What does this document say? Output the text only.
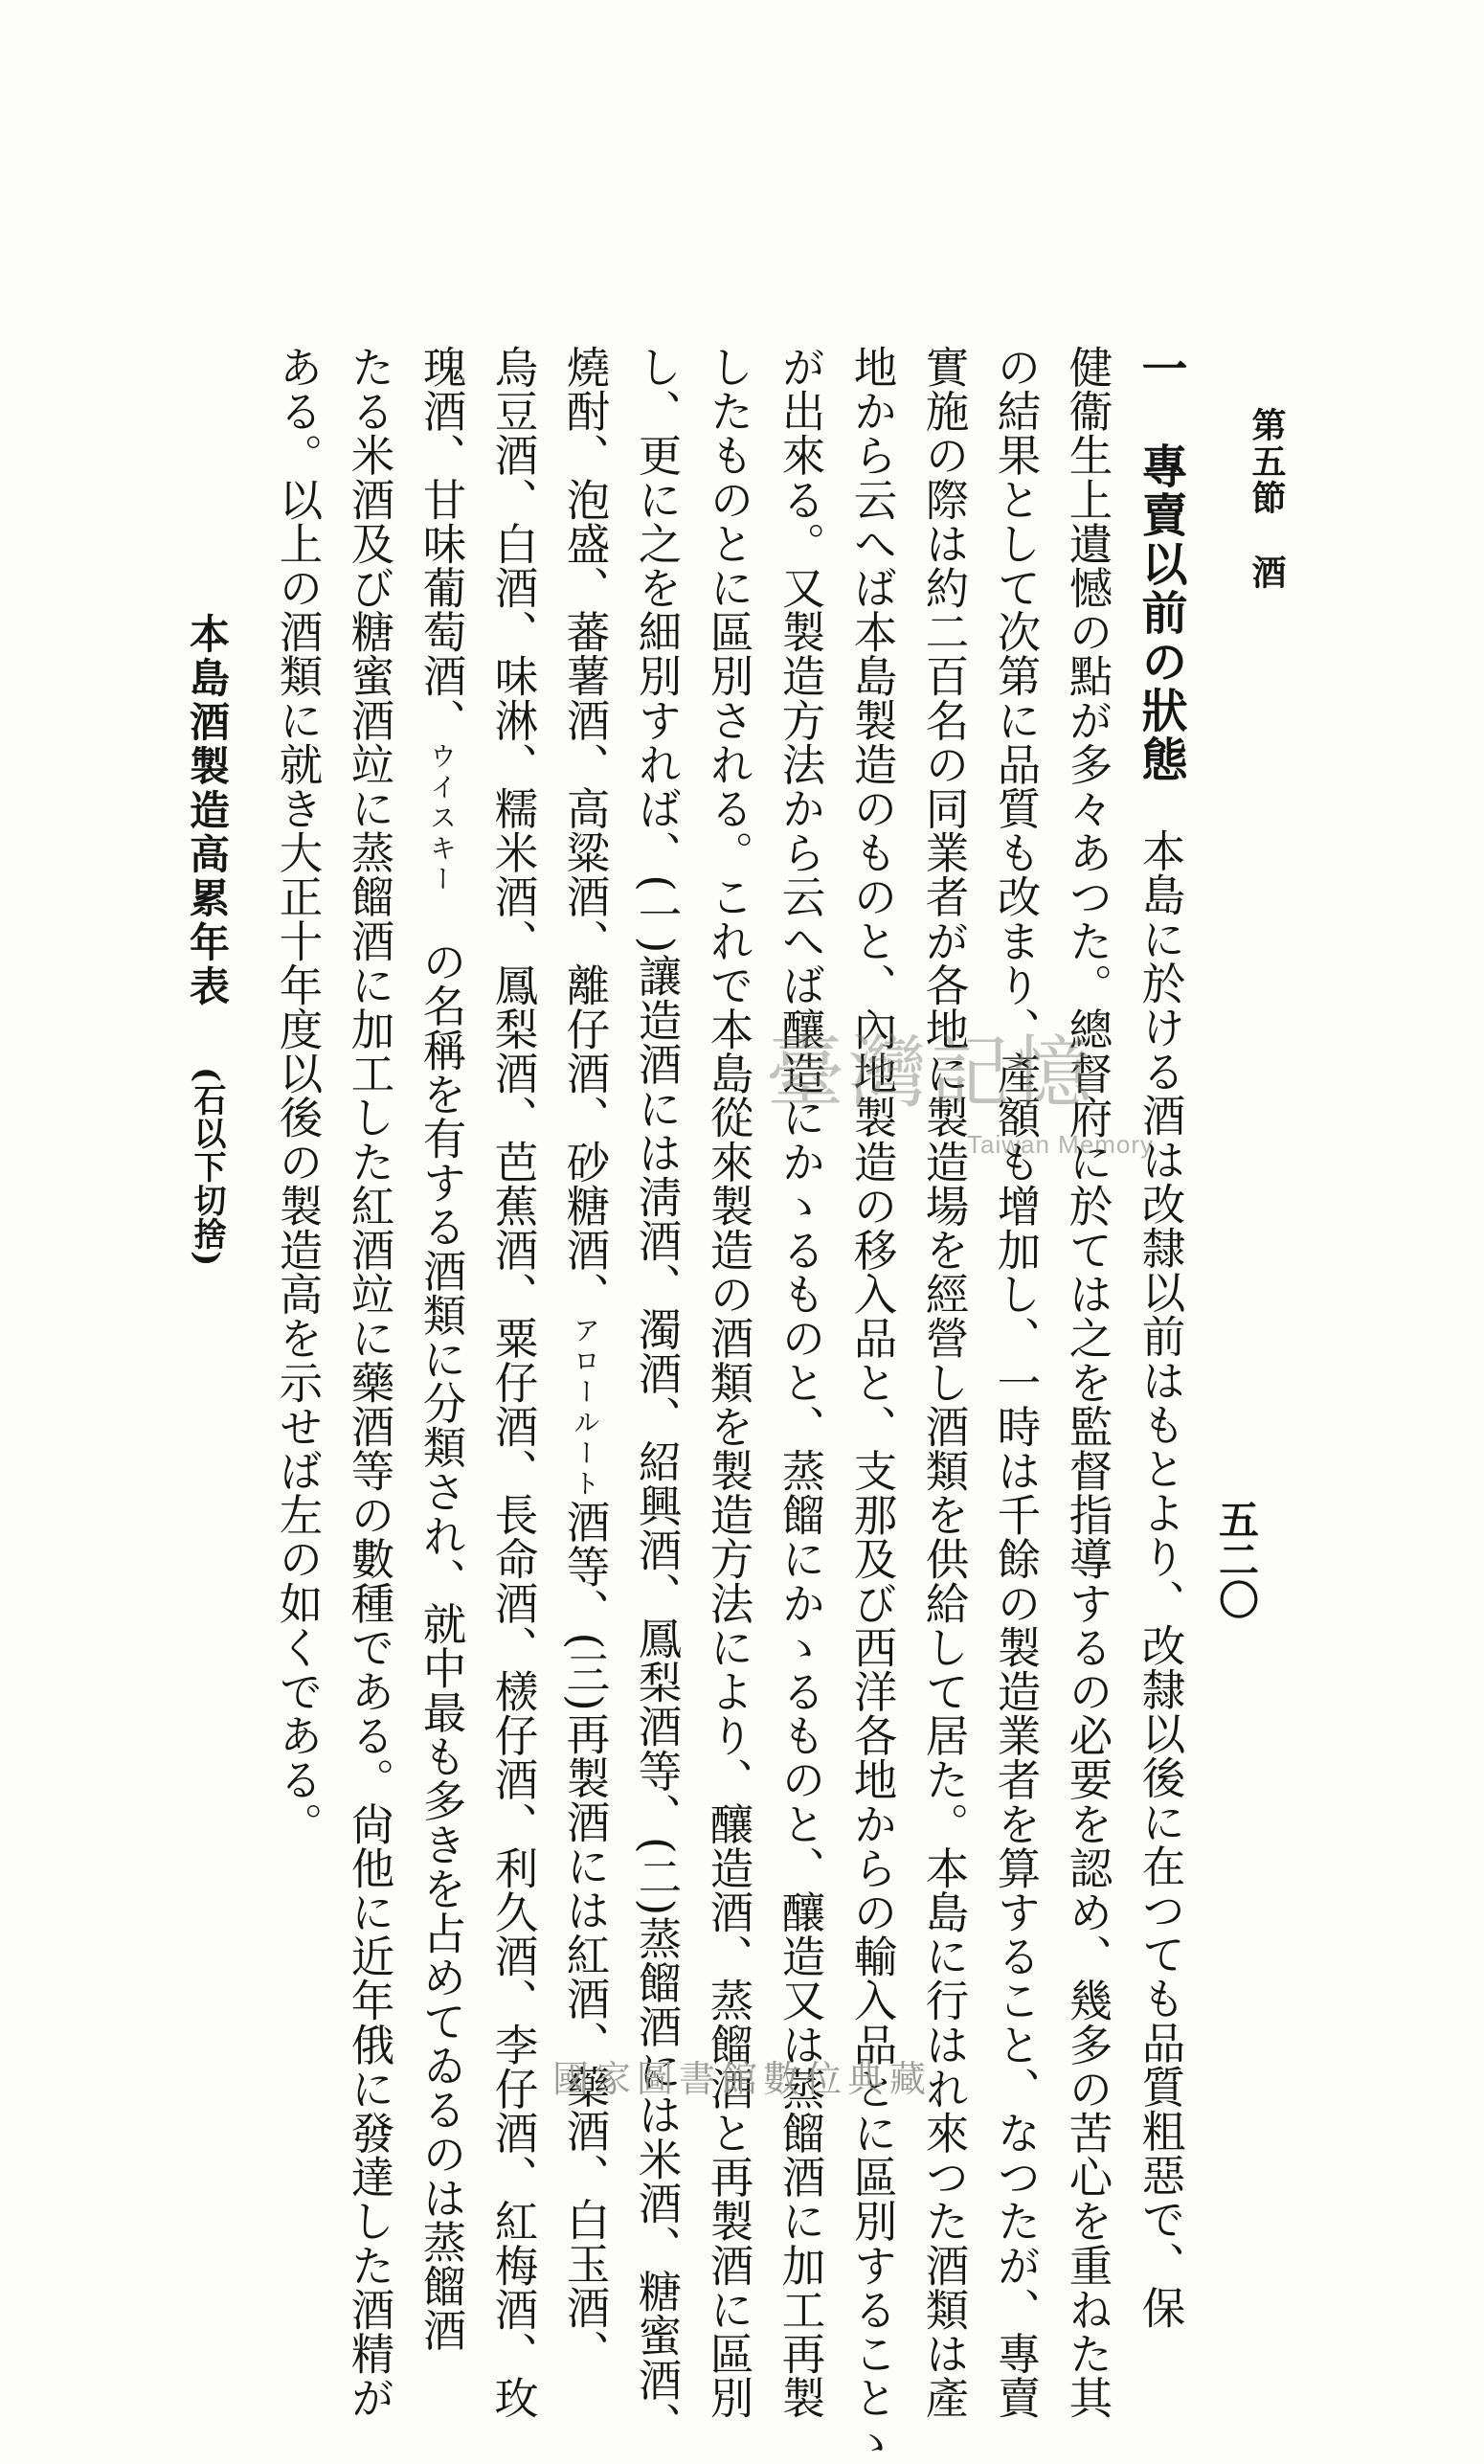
第五節酒
五二〇
一　專賣以前の狀態　本島に於ける酒は改隸以前はもとより、改隸以後に在つても品質粗惡で、保
健衞生上遺憾の點が多々あつた。總督府に於ては之を監督指導するの必要を認め、幾多の苦心を重ねた其
の結果として次第に品質も改まり、產額も增加し、一時は千餘の製造業者を算すること、なつたが、專賣
實施の際は約二百名の同業者が各地に製造場を經營し酒類を供給して居た。本島に行はれ來つた酒類は產
地から云へば本島製造のものと、內地製造の移入品と、支那及び西洋各地からの輸入品とに區別することゝ
が出來る。又製造方法から云へば釀造にかゝるものと、蒸餾にかゝるものと、釀造又は蒸餾酒に加工再製
したものとに區別される。これで本島從來製造の酒類を製造方法により、釀造酒、蒸餾酒と再製酒に區別
し、更に之を細別すれば、(一)讓造酒には淸酒、濁酒、紹興酒、鳳梨酒等、(二)蒸餾酒には米酒、糖蜜酒、
燒酎、泡盛、蕃薯酒、高粱酒、離仔酒、砂糖酒、アロールート酒等、(三)再製酒には紅酒、藥酒、白玉酒、
烏豆酒、白酒、味淋、糯米酒、鳳梨酒、芭蕉酒、粟仔酒、長命酒、檨仔酒、利久酒、李仔酒、紅梅酒、玫
瑰酒、甘味葡萄酒、ウイスキー　の名稱を有する酒類に分類され、就中最も多きを占めてゐるのは蒸餾酒
たる米酒及び糖蜜酒竝に蒸餾酒に加工した紅酒竝に藥酒等の數種である。尙他に近年俄に發達した酒精が
ある。以上の酒類に就き大正十年度以後の製造高を示せば左の如くである。
本島酒製造高累年表(石以下切捨)	臺灣記憶
Taiwan Memory
國家圖書館數位典藏
